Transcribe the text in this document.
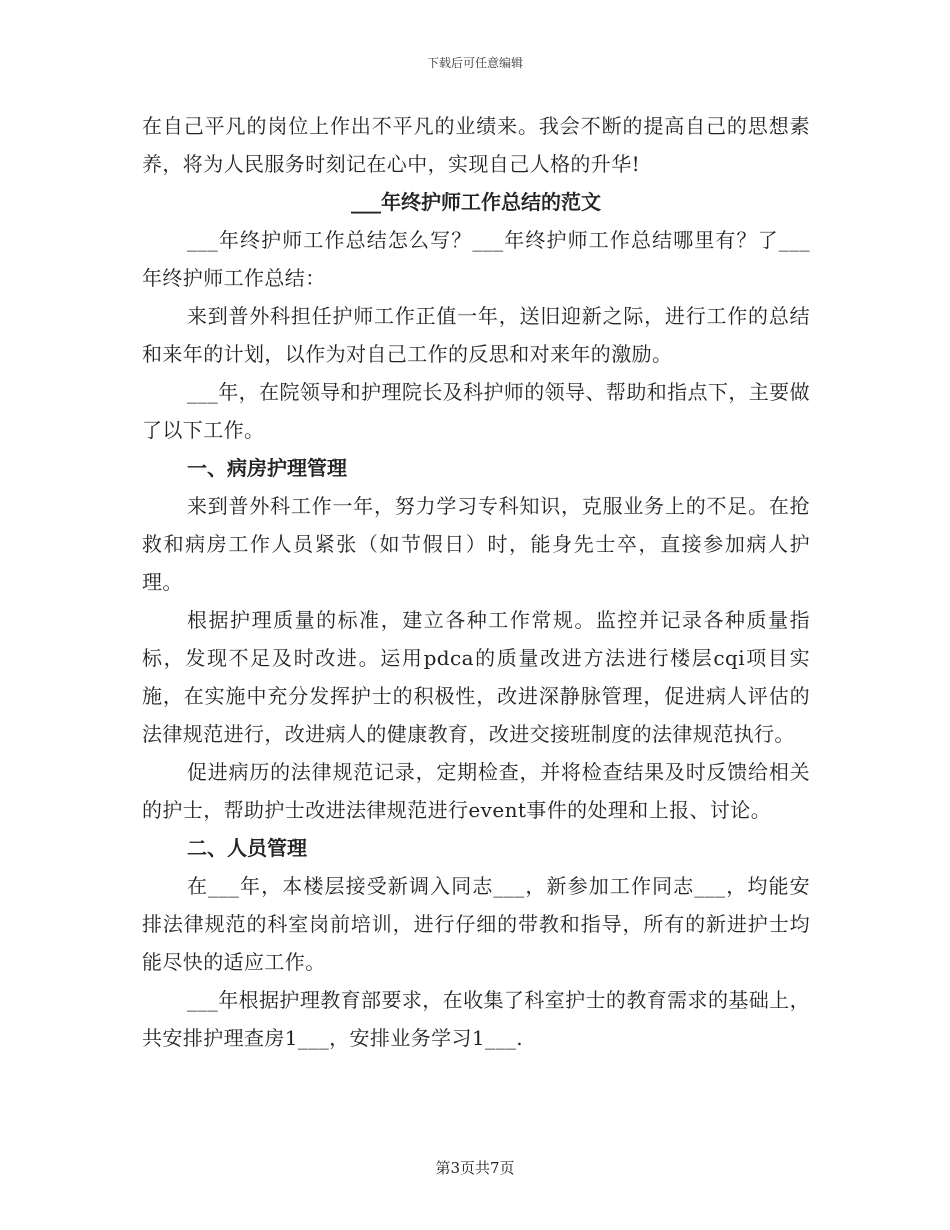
下载后可任意编辑

在自己平凡的岗位上作出不平凡的业绩来。我会不断的提高自己的思想素养，将为人民服务时刻记在心中，实现自己人格的升华!

___年终护师工作总结的范文

___年终护师工作总结怎么写？___年终护师工作总结哪里有？了___年终护师工作总结：

来到普外科担任护师工作正值一年，送旧迎新之际，进行工作的总结和来年的计划，以作为对自己工作的反思和对来年的激励。

___年，在院领导和护理院长及科护师的领导、帮助和指点下，主要做了以下工作。

一、病房护理管理

来到普外科工作一年，努力学习专科知识，克服业务上的不足。在抢救和病房工作人员紧张（如节假日）时，能身先士卒，直接参加病人护理。

根据护理质量的标准，建立各种工作常规。监控并记录各种质量指标，发现不足及时改进。运用pdca的质量改进方法进行楼层cqi项目实施，在实施中充分发挥护士的积极性，改进深静脉管理，促进病人评估的法律规范进行，改进病人的健康教育，改进交接班制度的法律规范执行。

促进病历的法律规范记录，定期检查，并将检查结果及时反馈给相关的护士，帮助护士改进法律规范进行event事件的处理和上报、讨论。

二、人员管理

在___年，本楼层接受新调入同志___，新参加工作同志___，均能安排法律规范的科室岗前培训，进行仔细的带教和指导，所有的新进护士均能尽快的适应工作。

___年根据护理教育部要求，在收集了科室护士的教育需求的基础上，共安排护理查房1___，安排业务学习1___.

第3页共7页
